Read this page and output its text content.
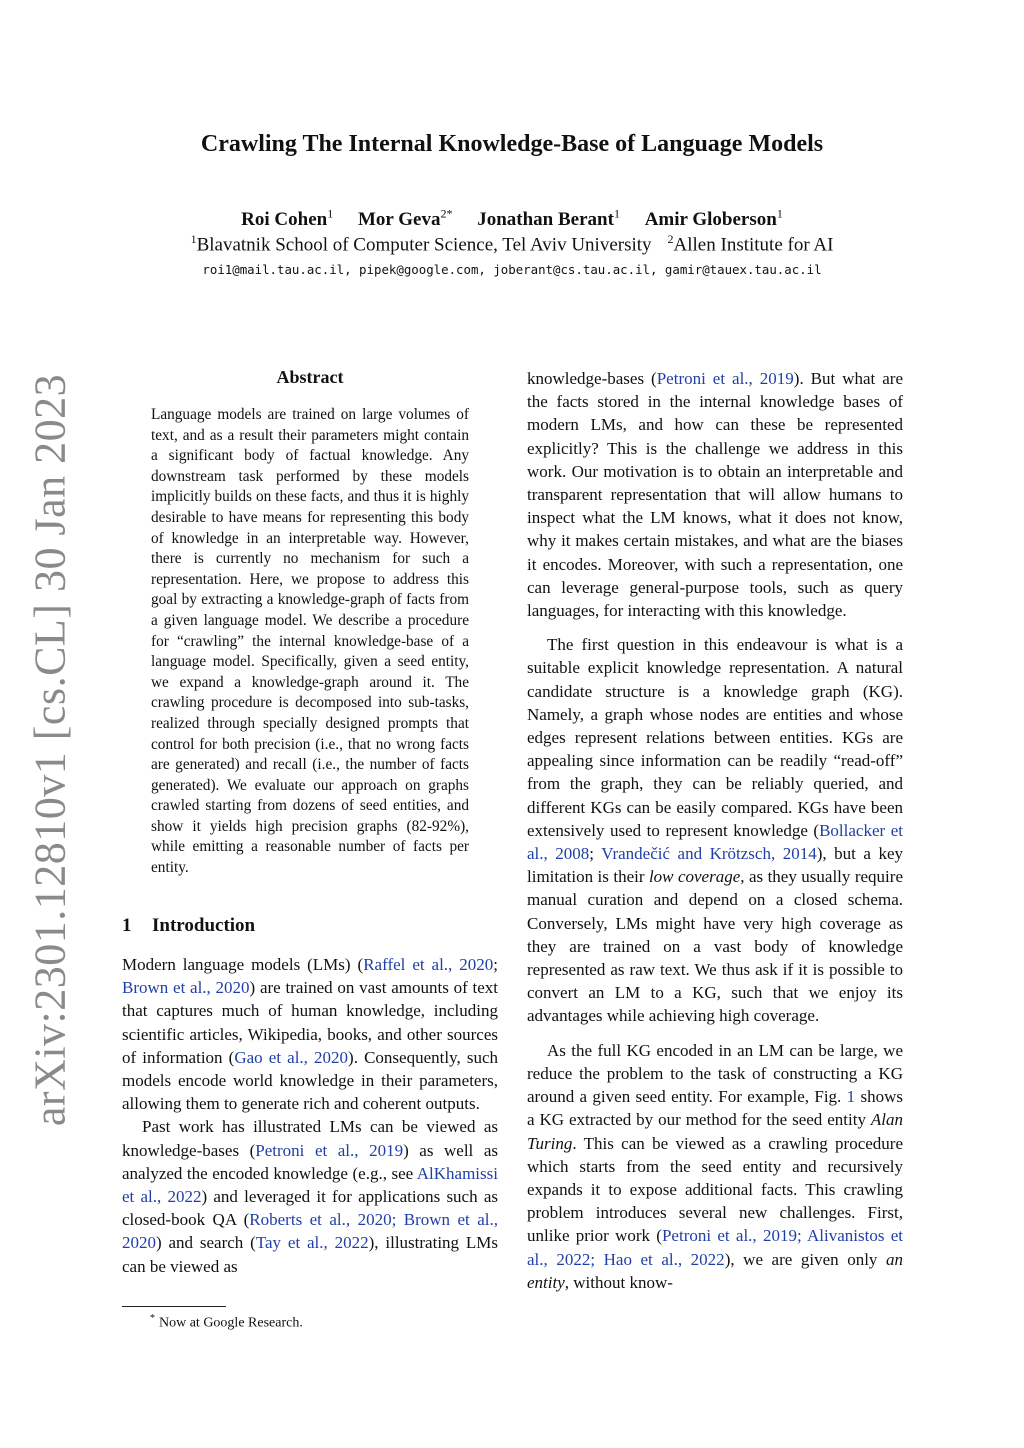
arXiv:2301.12810v1 [cs.CL] 30 Jan 2023
Crawling The Internal Knowledge-Base of Language Models
Roi Cohen$^1$ Mor Geva$^{2*}$ Jonathan Berant$^1$ Amir Globerson$^1$
$^1$Blavatnik School of Computer Science, Tel Aviv University $^2$Allen Institute for AI
roi1@mail.tau.ac.il, pipek@google.com, joberant@cs.tau.ac.il, gamir@tauex.tau.ac.il
Abstract
Language models are trained on large volumes of text, and as a result their parameters might contain a significant body of factual knowledge. Any downstream task performed by these models implicitly builds on these facts, and thus it is highly desirable to have means for representing this body of knowledge in an interpretable way. However, there is currently no mechanism for such a representation. Here, we propose to address this goal by extracting a knowledge-graph of facts from a given language model. We describe a procedure for “crawling” the internal knowledge-base of a language model. Specifically, given a seed entity, we expand a knowledge-graph around it. The crawling procedure is decomposed into sub-tasks, realized through specially designed prompts that control for both precision (i.e., that no wrong facts are generated) and recall (i.e., the number of facts generated). We evaluate our approach on graphs crawled starting from dozens of seed entities, and show it yields high precision graphs (82-92%), while emitting a reasonable number of facts per entity.
1 Introduction

Modern language models (LMs) (Raffel et al., 2020; Brown et al., 2020) are trained on vast amounts of text that captures much of human knowledge, including scientific articles, Wikipedia, books, and other sources of information (Gao et al., 2020). Consequently, such models encode world knowledge in their parameters, allowing them to generate rich and coherent outputs.

Past work has illustrated LMs can be viewed as knowledge-bases (Petroni et al., 2019) as well as analyzed the encoded knowledge (e.g., see AlKhamissi et al., 2022) and leveraged it for applications such as closed-book QA (Roberts et al., 2020; Brown et al., 2020) and search (Tay et al., 2022), illustrating LMs can be viewed as

* Now at Google Research.

knowledge-bases (Petroni et al., 2019). But what are the facts stored in the internal knowledge bases of modern LMs, and how can these be represented explicitly? This is the challenge we address in this work. Our motivation is to obtain an interpretable and transparent representation that will allow humans to inspect what the LM knows, what it does not know, why it makes certain mistakes, and what are the biases it encodes. Moreover, with such a representation, one can leverage general-purpose tools, such as query languages, for interacting with this knowledge.

The first question in this endeavour is what is a suitable explicit knowledge representation. A natural candidate structure is a knowledge graph (KG). Namely, a graph whose nodes are entities and whose edges represent relations between entities. KGs are appealing since information can be readily “read-off” from the graph, they can be reliably queried, and different KGs can be easily compared. KGs have been extensively used to represent knowledge (Bollacker et al., 2008; Vrandečić and Krötzsch, 2014), but a key limitation is their low coverage, as they usually require manual curation and depend on a closed schema. Conversely, LMs might have very high coverage as they are trained on a vast body of knowledge represented as raw text. We thus ask if it is possible to convert an LM to a KG, such that we enjoy its advantages while achieving high coverage.

As the full KG encoded in an LM can be large, we reduce the problem to the task of constructing a KG around a given seed entity. For example, Fig. 1 shows a KG extracted by our method for the seed entity Alan Turing. This can be viewed as a crawling procedure which starts from the seed entity and recursively expands it to expose additional facts. This crawling problem introduces several new challenges. First, unlike prior work (Petroni et al., 2019; Alivanistos et al., 2022; Hao et al., 2022), we are given only an entity, without know-
